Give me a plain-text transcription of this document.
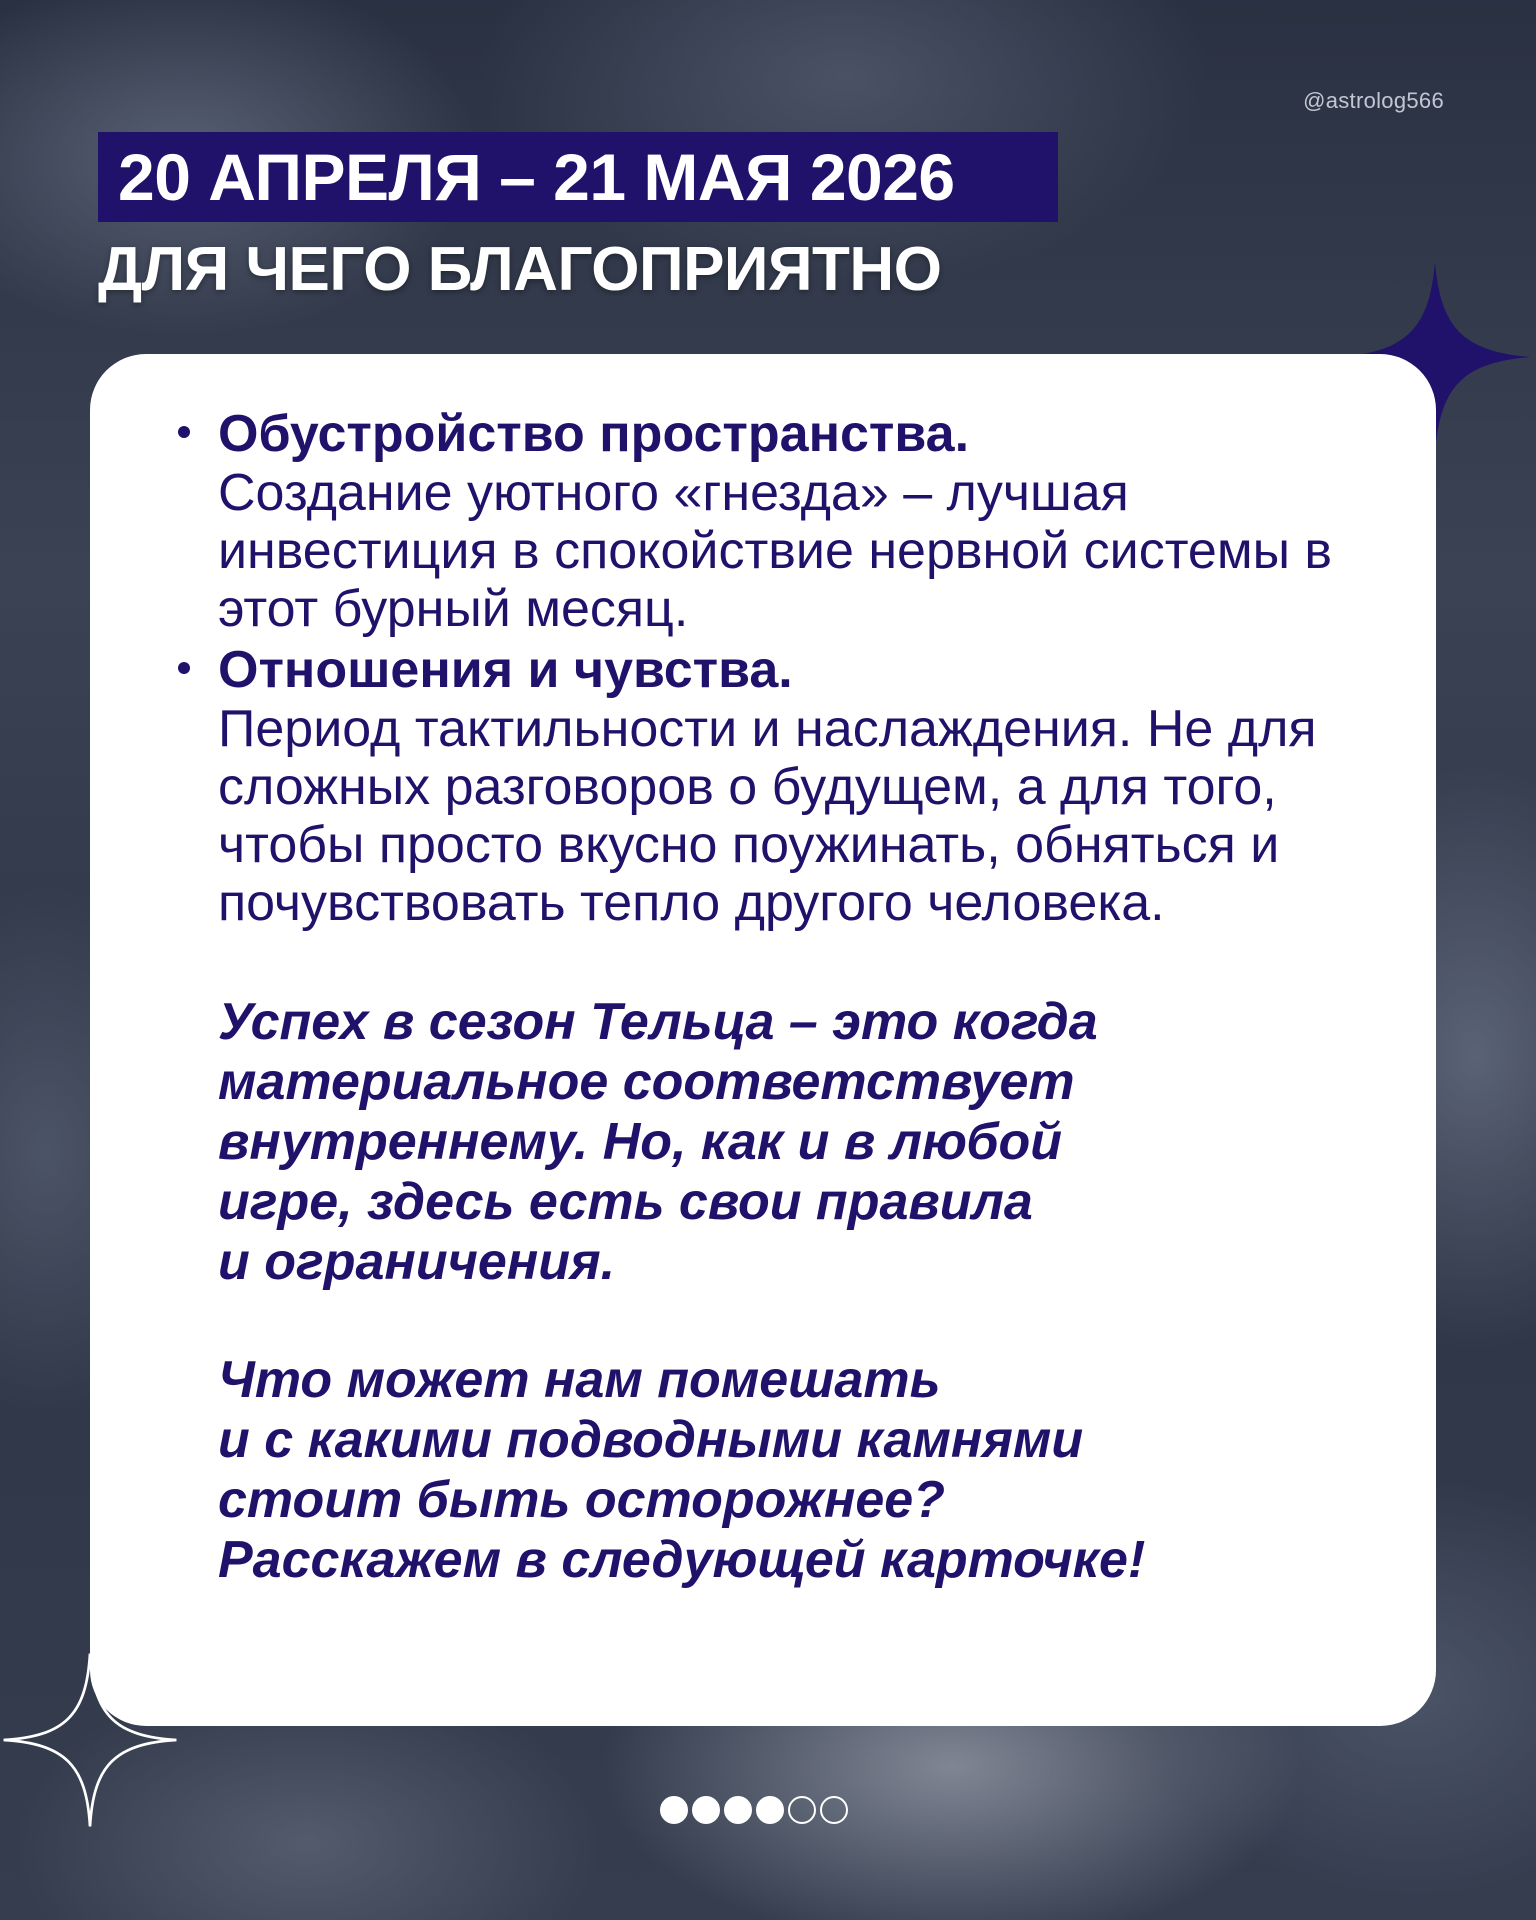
@astrolog566
20 АПРЕЛЯ – 21 МАЯ 2026
ДЛЯ ЧЕГО БЛАГОПРИЯТНО
Обустройство пространства.
Создание уютного «гнезда» – лучшая инвестиция в спокойствие нервной системы в этот бурный месяц.
Отношения и чувства.
Период тактильности и наслаждения. Не для сложных разговоров о будущем, а для того, чтобы просто вкусно поужинать, обняться и почувствовать тепло другого человека.
Успех в сезон Тельца – это когда
материальное соответствует
внутреннему. Но, как и в любой
игре, здесь есть свои правила
и ограничения.
Что может нам помешать
и с какими подводными камнями
стоит быть осторожнее?
Расскажем в следующей карточке!
